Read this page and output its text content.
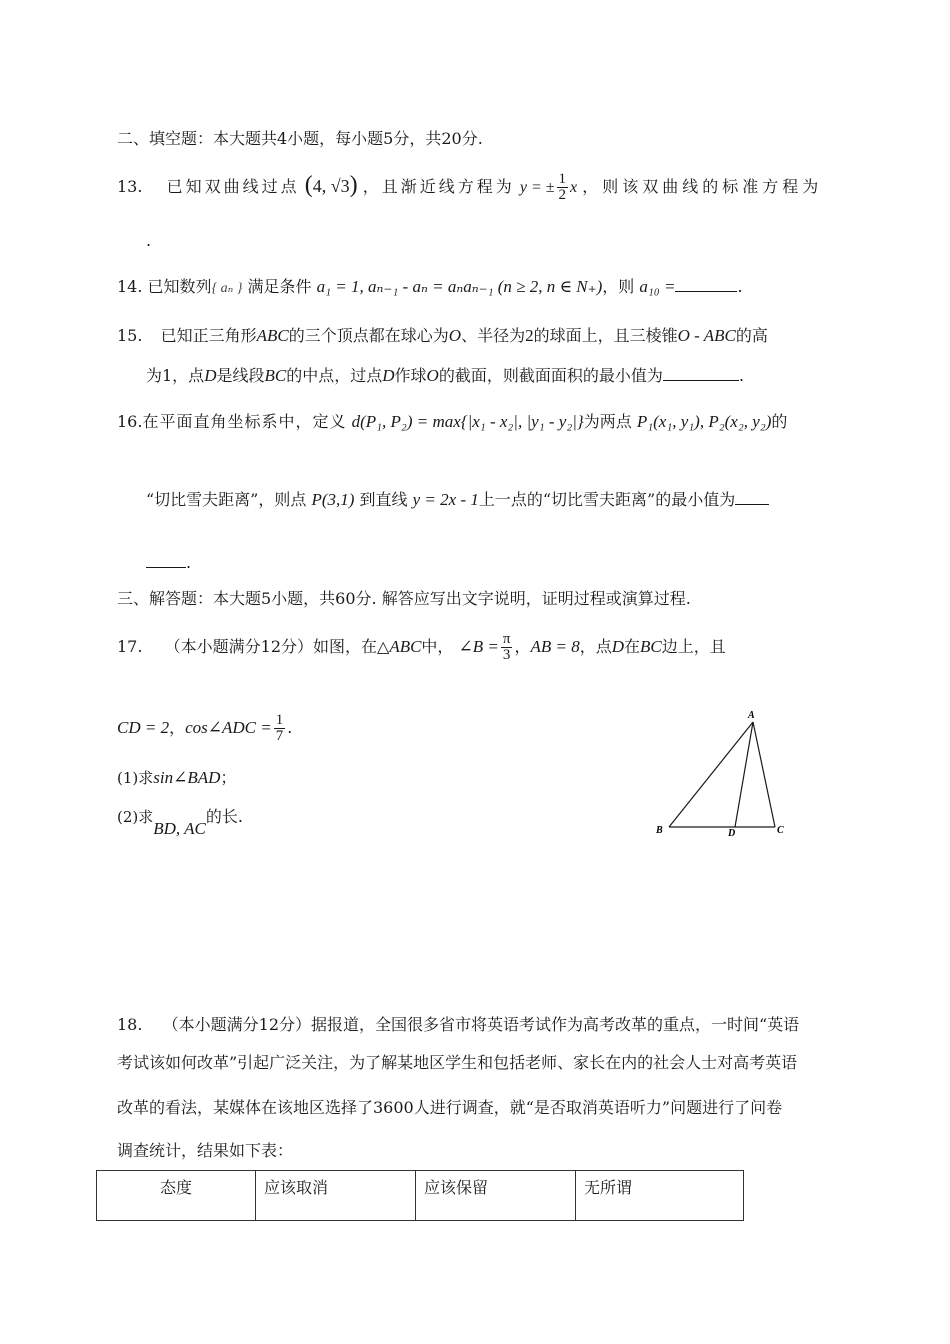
二、填空题：本大题共4小题，每小题5分，共20分.
13. 已知双曲线过点 (4, √3) ，且渐近线方程为 y = ± $\frac{1}{2}$ x ，则该双曲线的标准方程为
.
14. 已知数列{ aₙ } 满足条件 a₁ = 1, aₙ₋₁ - aₙ = aₙaₙ₋₁ (n ≥ 2, n ∈ N₊)，则 a₁₀ =	.
15. 已知正三角形ABC的三个顶点都在球心为O、半径为2的球面上，且三棱锥O - ABC的高
为1，点D是线段BC的中点，过点D作球O的截面，则截面面积的最小值为	.
16.在平面直角坐标系中，定义 d(P₁, P₂) = max{|x₁ - x₂|, |y₁ - y₂|}为两点 P₁(x₁, y₁), P₂(x₂, y₂)的
“切比雪夫距离”，则点 P(3,1) 到直线 y = 2x - 1上一点的“切比雪夫距离”的最小值为
.
三、解答题：本大题5小题，共60分. 解答应写出文字说明，证明过程或演算过程.
17. （本小题满分12分）如图，在△ABC中， ∠B = $\frac{\pi}{3}$ ，AB = 8，点D在BC边上，且
CD = 2，cos∠ADC = $\frac{1}{7}$ .
(1)求sin∠BAD；
(2)求BD, AC的长.
A
B	D	C
18. （本小题满分12分）据报道，全国很多省市将英语考试作为高考改革的重点，一时间“英语
考试该如何改革”引起广泛关注，为了解某地区学生和包括老师、家长在内的社会人士对高考英语
改革的看法，某媒体在该地区选择了3600人进行调查，就“是否取消英语听力”问题进行了问卷
调查统计，结果如下表：
态度	应该取消	应该保留	无所谓
